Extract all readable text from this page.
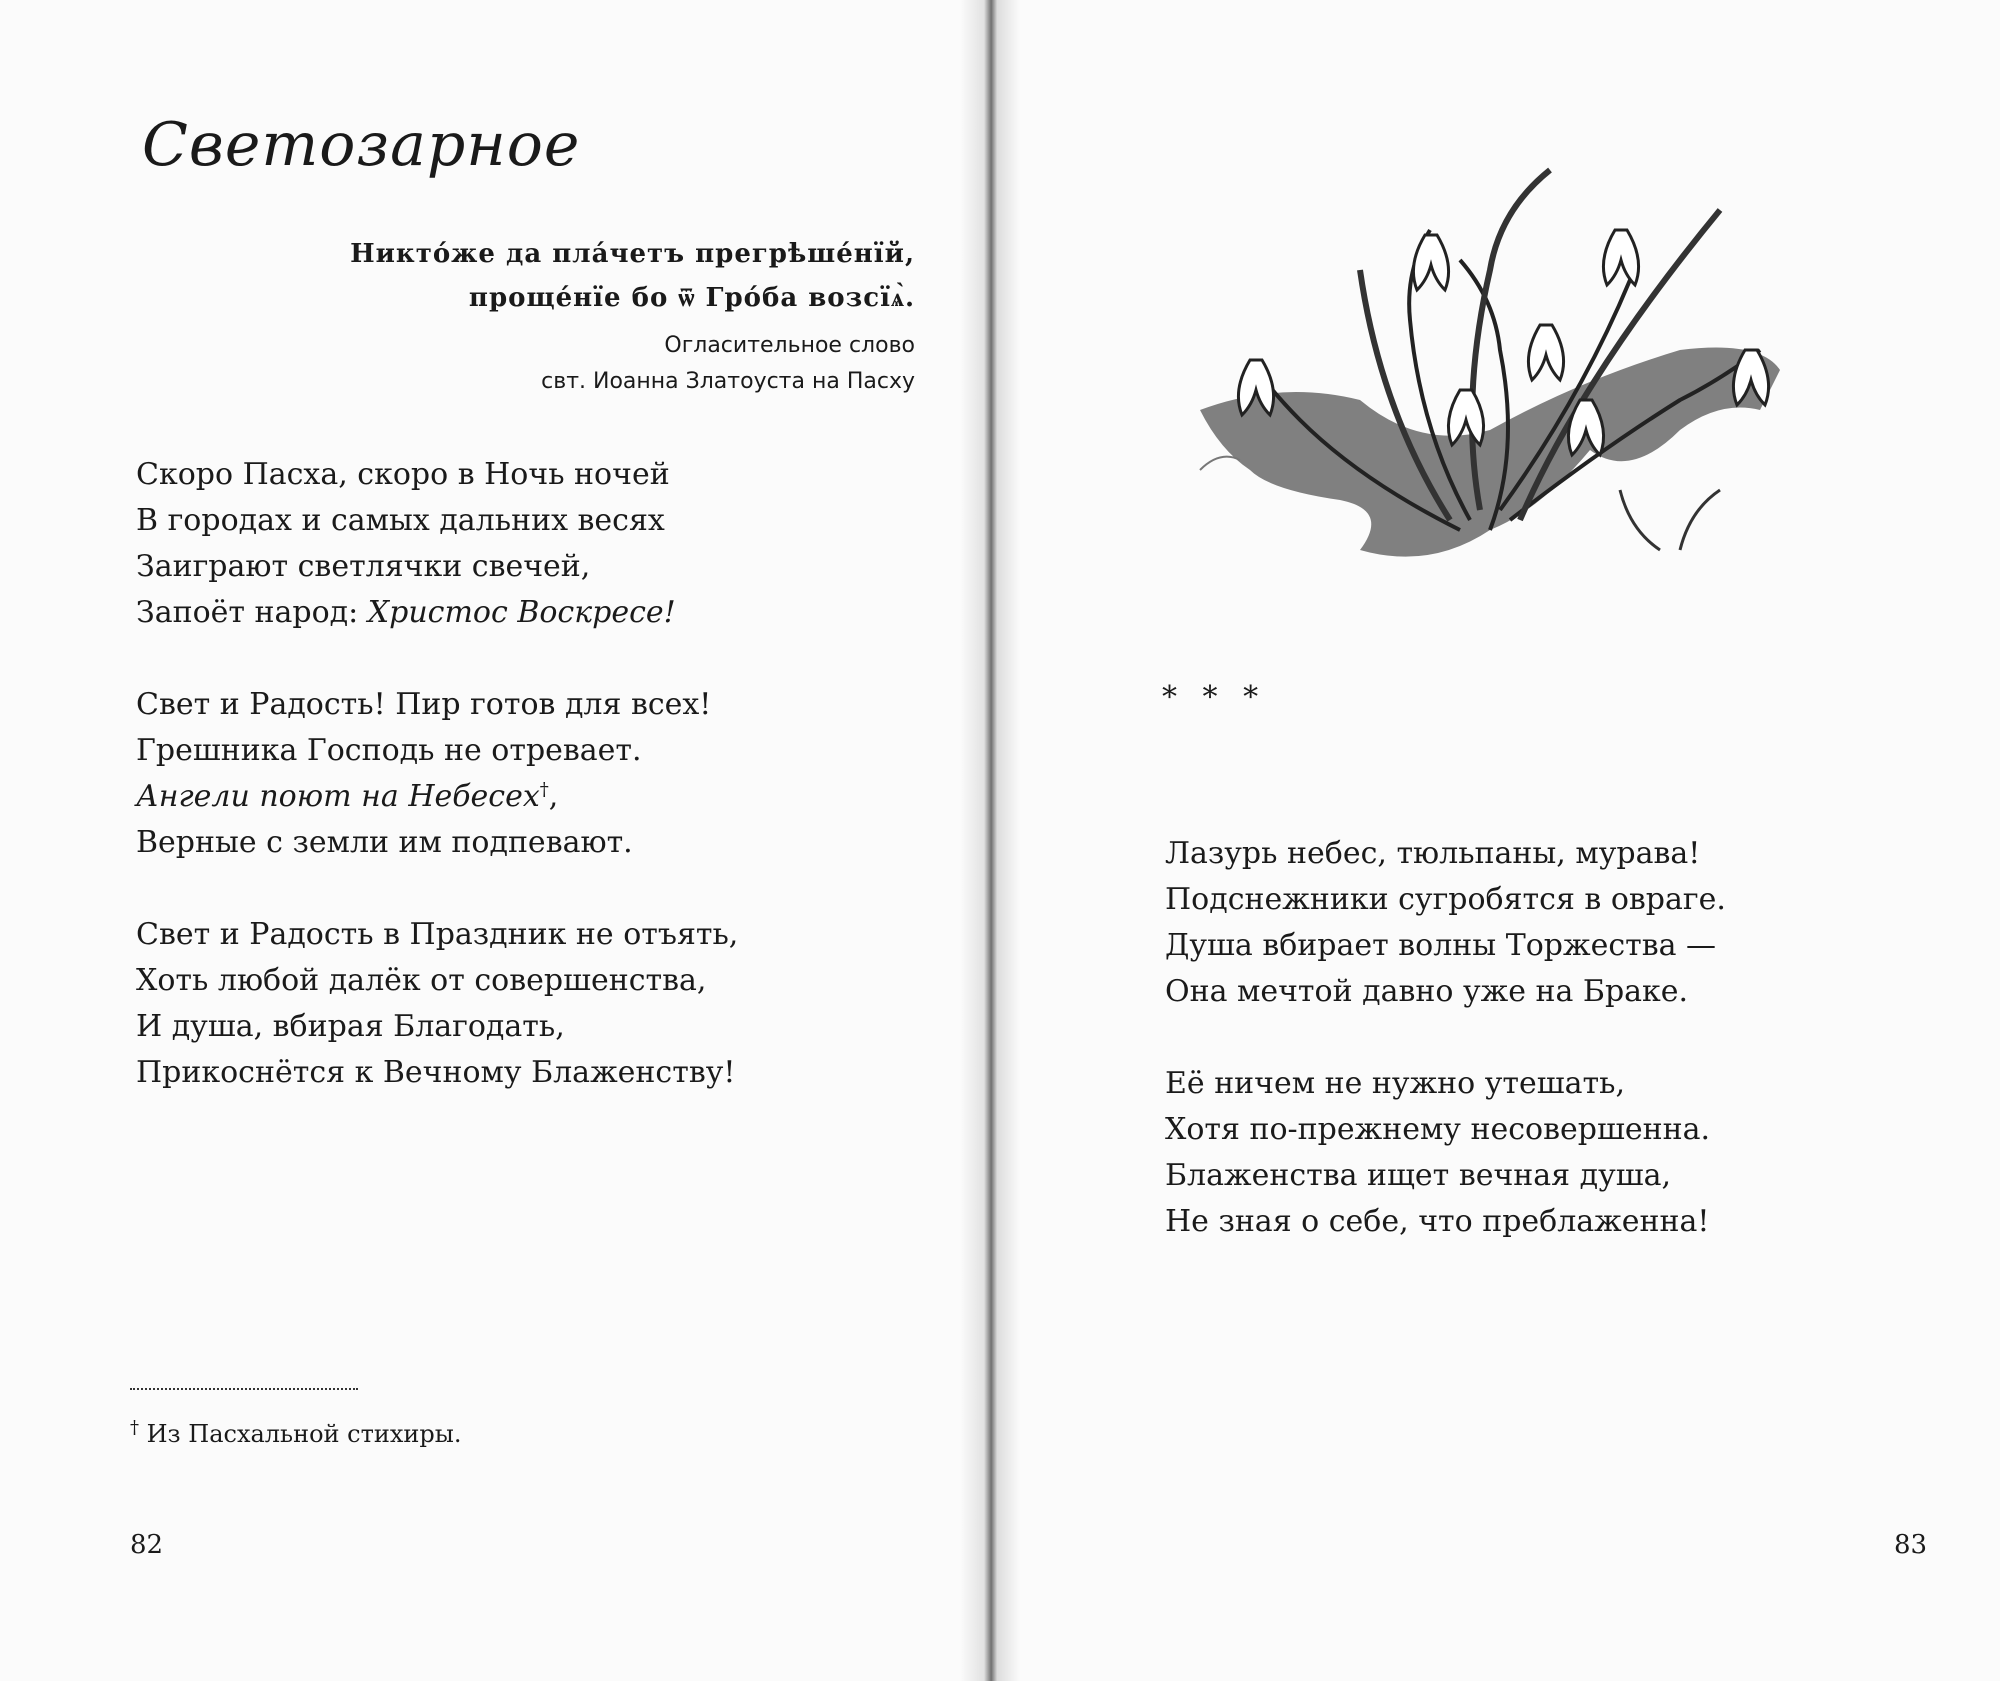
Светозарное
Никто́же да пла́четъ прегрѣше́нїй,
проще́нїе бо ѿ Гро́ба возсїѧ̀.
Огласительное слово
свт. Иоанна Златоуста на Пасху
Скоро Пасха, скоро в Ночь ночей
В городах и самых дальних весях
Заиграют светлячки свечей,
Запоёт народ: Христос Воскресе!
Свет и Радость! Пир готов для всех!
Грешника Господь не отревает.
Ангели поют на Небесех†,
Верные с земли им подпевают.
Свет и Радость в Праздник не отъять,
Хоть любой далёк от совершенства,
И душа, вбирая Благодать,
Прикоснётся к Вечному Блаженству!
† Из Пасхальной стихиры.
82
* * *
Лазурь небес, тюльпаны, мурава!
Подснежники сугробятся в овраге.
Душа вбирает волны Торжества —
Она мечтой давно уже на Браке.
Её ничем не нужно утешать,
Хотя по-прежнему несовершенна.
Блаженства ищет вечная душа,
Не зная о себе, что преблаженна!
83
